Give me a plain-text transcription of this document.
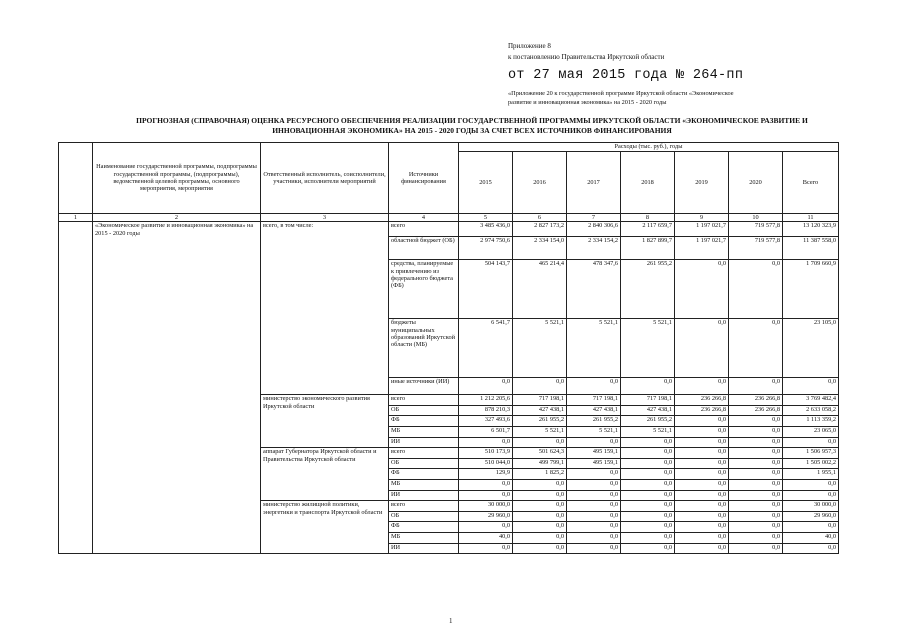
Приложение 8
к постановлению Правительства Иркутской области
от 27 мая 2015 года № 264-пп
«Приложение 20 к государственной программе Иркутской области «Экономическое
развитие и инновационная экономика» на 2015 - 2020 годы
ПРОГНОЗНАЯ (СПРАВОЧНАЯ) ОЦЕНКА РЕСУРСНОГО ОБЕСПЕЧЕНИЯ РЕАЛИЗАЦИИ ГОСУДАРСТВЕННОЙ ПРОГРАММЫ ИРКУТСКОЙ ОБЛАСТИ «ЭКОНОМИЧЕСКОЕ РАЗВИТИЕ И
ИННОВАЦИОННАЯ ЭКОНОМИКА» НА 2015 - 2020 ГОДЫ ЗА СЧЕТ ВСЕХ ИСТОЧНИКОВ ФИНАНСИРОВАНИЯ
	Наименование государственной программы, подпрограммы государственной программы, (подпрограммы), ведомственной целевой программы, основного мероприятия, мероприятия	Ответственный исполнитель, соисполнители, участники, исполнители мероприятий	Источники финансирования	Расходы (тыс. руб.), годы						
				2015	2016	2017	2018	2019	2020	Всего
1	2	3	4	5	6	7	8	9	10	11
	«Экономическое развитие и инновационная экономика» на 2015 - 2020 годы	всего, в том числе:	всего	3 485 436,0	2 827 173,2	2 840 306,6	2 117 659,7	1 197 021,7	719 577,8	13 120 323,9
			областной бюджет (ОБ)	2 974 750,6	2 334 154,0	2 334 154,2	1 827 899,7	1 197 021,7	719 577,8	11 387 558,0
			средства, планируемые к привлечению из федерального бюджета (ФБ)	504 143,7	465 214,4	478 347,6	261 955,2	0,0	0,0	1 709 660,9
			бюджеты муниципальных образований Иркутской области (МБ)	6 541,7	5 521,1	5 521,1	5 521,1	0,0	0,0	23 105,0
			иные источники (ИИ)	0,0	0,0	0,0	0,0	0,0	0,0	0,0
		министерство экономического развития Иркутской области	всего	1 212 205,6	717 198,1	717 198,1	717 198,1	236 266,8	236 266,8	3 769 482,4
			ОБ	878 210,3	427 438,1	427 438,1	427 438,1	236 266,8	236 266,8	2 633 058,2
			ФБ	327 493,6	261 955,2	261 955,2	261 955,2	0,0	0,0	1 113 359,2
			МБ	6 501,7	5 521,1	5 521,1	5 521,1	0,0	0,0	23 065,0
			ИИ	0,0	0,0	0,0	0,0	0,0	0,0	0,0
		аппарат Губернатора Иркутской области и Правительства Иркутской области	всего	510 173,9	501 624,3	495 159,1	0,0	0,0	0,0	1 506 957,3
			ОБ	510 044,0	499 799,1	495 159,1	0,0	0,0	0,0	1 505 002,2
			ФБ	129,9	1 825,2	0,0	0,0	0,0	0,0	1 955,1
			МБ	0,0	0,0	0,0	0,0	0,0	0,0	0,0
			ИИ	0,0	0,0	0,0	0,0	0,0	0,0	0,0
		министерство жилищной политики, энергетики и транспорта Иркутской области	всего	30 000,0	0,0	0,0	0,0	0,0	0,0	30 000,0
			ОБ	29 960,0	0,0	0,0	0,0	0,0	0,0	29 960,0
			ФБ	0,0	0,0	0,0	0,0	0,0	0,0	0,0
			МБ	40,0	0,0	0,0	0,0	0,0	0,0	40,0
			ИИ	0,0	0,0	0,0	0,0	0,0	0,0	0,0
1
